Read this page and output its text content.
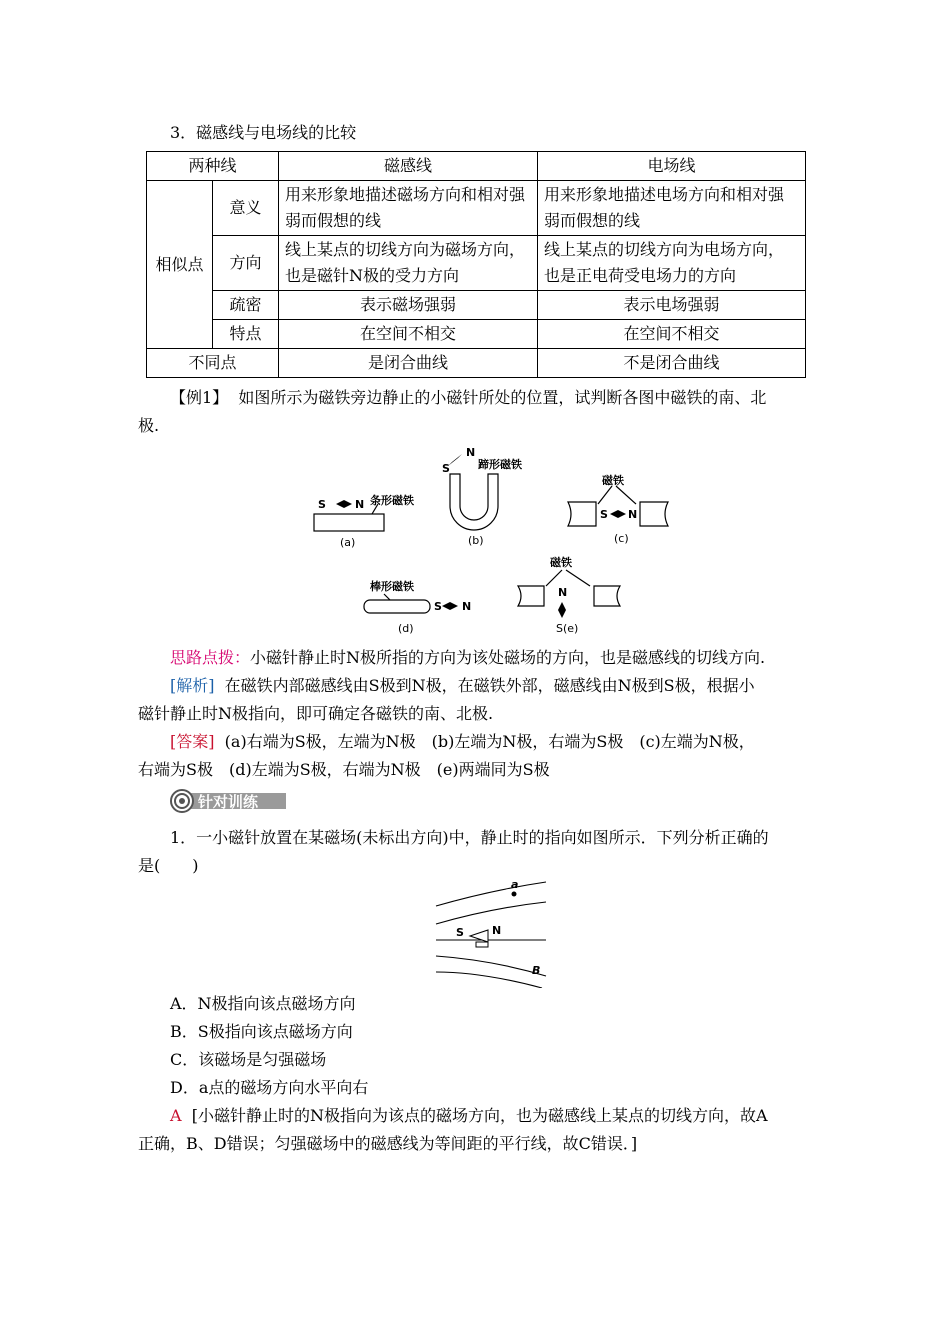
3．磁感线与电场线的比较
两种线		磁感线	电场线
相似点	意义	用来形象地描述磁场方向和相对强弱而假想的线	用来形象地描述电场方向和相对强弱而假想的线
	方向	线上某点的切线方向为磁场方向，也是磁针N极的受力方向	线上某点的切线方向为电场方向，也是正电荷受电场力的方向
	疏密	表示磁场强弱	表示电场强弱
	特点	在空间不相交	在空间不相交
不同点		是闭合曲线	不是闭合曲线
【例1】 如图所示为磁铁旁边静止的小磁针所处的位置，试判断各图中磁铁的南、北
极.
S	N 条形磁铁
(a)
S
N
蹄形磁铁
(b)
磁铁
S N
(c)
棒形磁铁
S N
(d)
磁铁
N
S(e)
思路点拨：小磁针静止时N极所指的方向为该处磁场的方向，也是磁感线的切线方向.
[解析] 在磁铁内部磁感线由S极到N极，在磁铁外部，磁感线由N极到S极，根据小
磁针静止时N极指向，即可确定各磁铁的南、北极.
[答案] (a)右端为S极，左端为N极　(b)左端为N极，右端为S极　(c)左端为N极，
右端为S极　(d)左端为S极，右端为N极　(e)两端同为S极
针对训练
1．一小磁针放置在某磁场(未标出方向)中，静止时的指向如图所示．下列分析正确的
是(　　)
a
B
S	N
A．N极指向该点磁场方向
B．S极指向该点磁场方向
C．该磁场是匀强磁场
D．a点的磁场方向水平向右
A [小磁针静止时的N极指向为该点的磁场方向，也为磁感线上某点的切线方向，故A
正确，B、D错误；匀强磁场中的磁感线为等间距的平行线，故C错误．]
